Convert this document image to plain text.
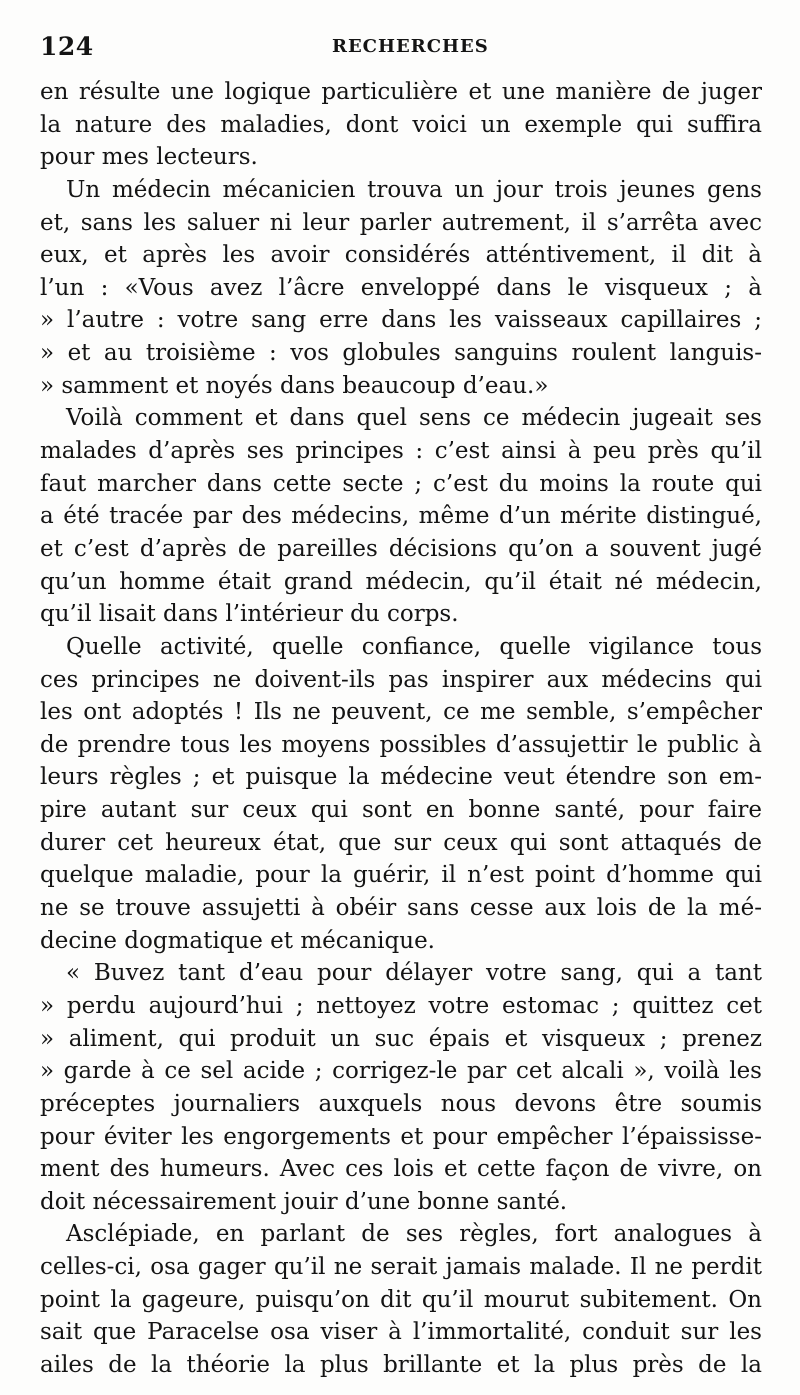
124	RECHERCHES
en résulte une logique particulière et une manière de juger
la nature des maladies, dont voici un exemple qui suffira
pour mes lecteurs.
Un médecin mécanicien trouva un jour trois jeunes gens
et, sans les saluer ni leur parler autrement, il s’arrêta avec
eux, et après les avoir considérés atténtivement, il dit à
l’un : «Vous avez l’âcre enveloppé dans le visqueux ; à
» l’autre : votre sang erre dans les vaisseaux capillaires ;
» et au troisième : vos globules sanguins roulent languis-
» samment et noyés dans beaucoup d’eau.»
Voilà comment et dans quel sens ce médecin jugeait ses
malades d’après ses principes : c’est ainsi à peu près qu’il
faut marcher dans cette secte ; c’est du moins la route qui
a été tracée par des médecins, même d’un mérite distingué,
et c’est d’après de pareilles décisions qu’on a souvent jugé
qu’un homme était grand médecin, qu’il était né médecin,
qu’il lisait dans l’intérieur du corps.
Quelle activité, quelle confiance, quelle vigilance tous
ces principes ne doivent-ils pas inspirer aux médecins qui
les ont adoptés ! Ils ne peuvent, ce me semble, s’empêcher
de prendre tous les moyens possibles d’assujettir le public à
leurs règles ; et puisque la médecine veut étendre son em-
pire autant sur ceux qui sont en bonne santé, pour faire
durer cet heureux état, que sur ceux qui sont attaqués de
quelque maladie, pour la guérir, il n’est point d’homme qui
ne se trouve assujetti à obéir sans cesse aux lois de la mé-
decine dogmatique et mécanique.
« Buvez tant d’eau pour délayer votre sang, qui a tant
» perdu aujourd’hui ; nettoyez votre estomac ; quittez cet
» aliment, qui produit un suc épais et visqueux ; prenez
» garde à ce sel acide ; corrigez-le par cet alcali », voilà les
préceptes journaliers auxquels nous devons être soumis
pour éviter les engorgements et pour empêcher l’épaississe-
ment des humeurs. Avec ces lois et cette façon de vivre, on
doit nécessairement jouir d’une bonne santé.
Asclépiade, en parlant de ses règles, fort analogues à
celles-ci, osa gager qu’il ne serait jamais malade. Il ne perdit
point la gageure, puisqu’on dit qu’il mourut subitement. On
sait que Paracelse osa viser à l’immortalité, conduit sur les
ailes de la théorie la plus brillante et la plus près de la
